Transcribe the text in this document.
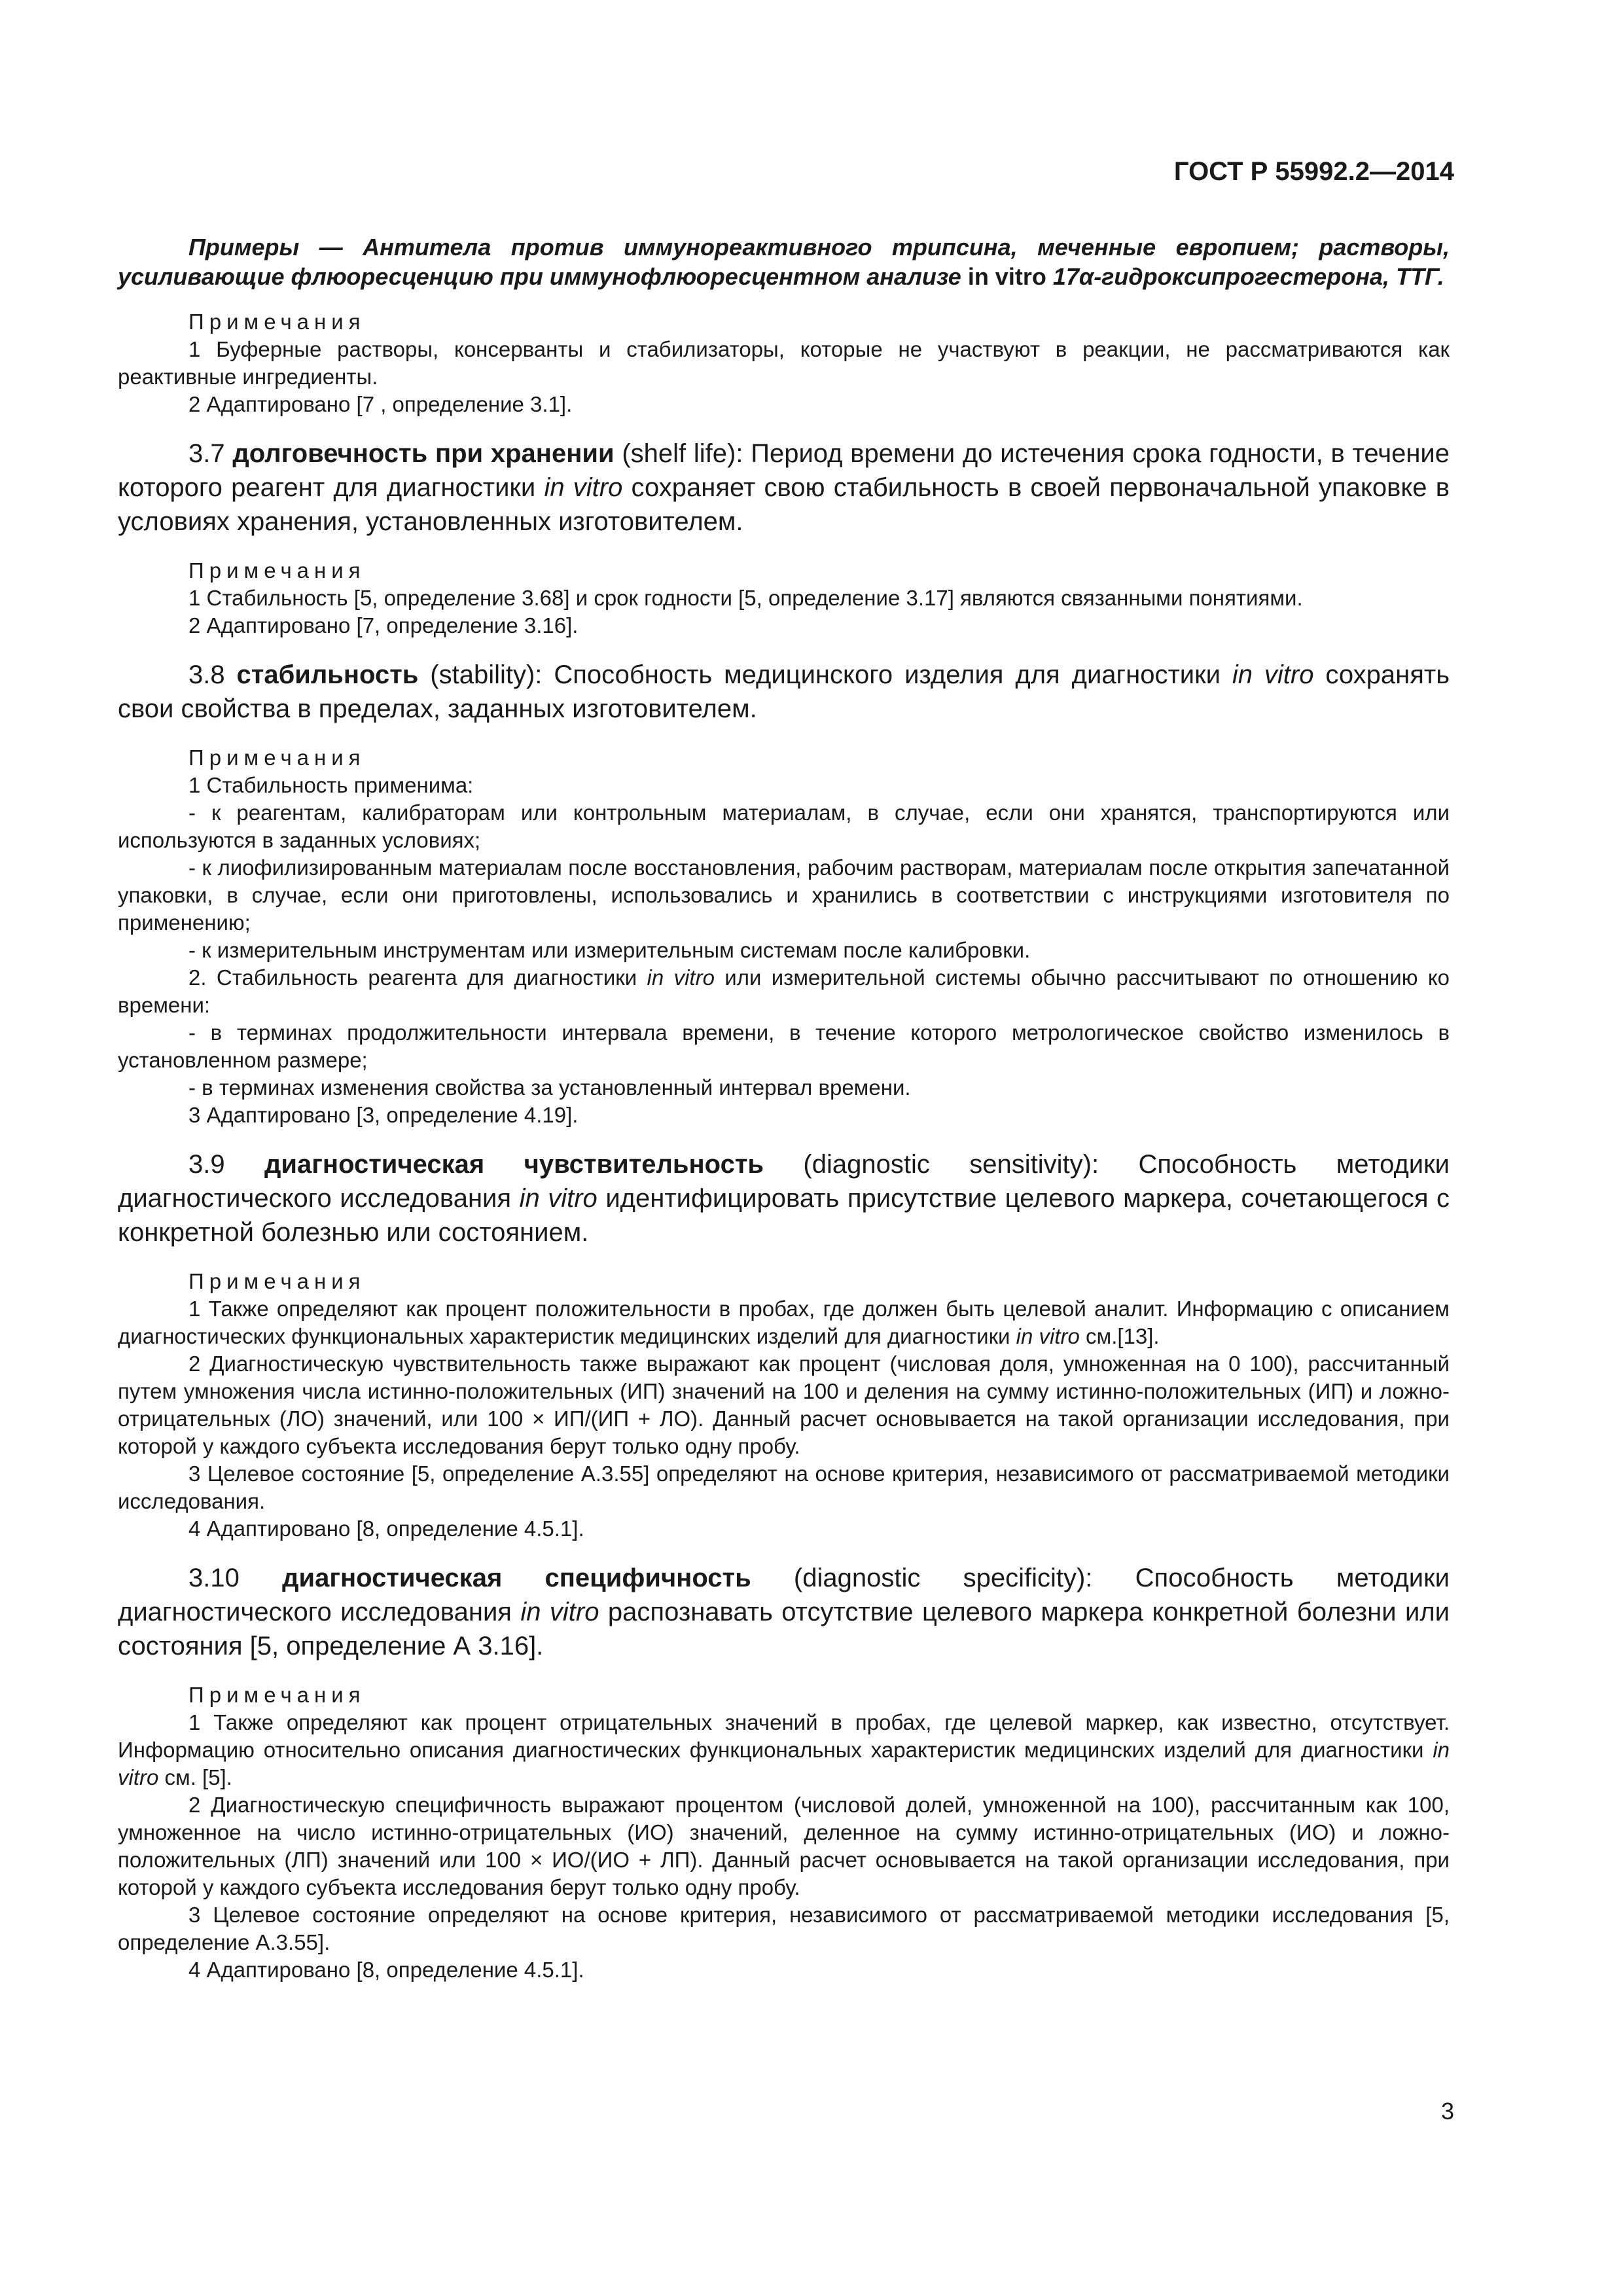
ГОСТ Р 55992.2—2014

Примеры — Антитела против иммунореактивного трипсина, меченные европием; растворы, усиливающие флюоресценцию при иммунофлюоресцентном анализе in vitro 17α-гидроксипрогестерона, ТТГ.

Примечания

1 Буферные растворы, консерванты и стабилизаторы, которые не участвуют в реакции, не рассматриваются как реактивные ингредиенты.

2 Адаптировано [7 , определение 3.1].

3.7 долговечность при хранении (shelf life): Период времени до истечения срока годности, в течение которого реагент для диагностики in vitro сохраняет свою стабильность в своей первоначальной упаковке в условиях хранения, установленных изготовителем.

Примечания

1 Стабильность [5, определение 3.68] и срок годности [5, определение 3.17] являются связанными понятиями.

2 Адаптировано [7, определение 3.16].

3.8 стабильность (stability): Способность медицинского изделия для диагностики in vitro сохранять свои свойства в пределах, заданных изготовителем.

Примечания

1 Стабильность применима:

- к реагентам, калибраторам или контрольным материалам, в случае, если они хранятся, транспортируются или используются в заданных условиях;

- к лиофилизированным материалам после восстановления, рабочим растворам, материалам после открытия запечатанной упаковки, в случае, если они приготовлены, использовались и хранились в соответствии с инструкциями изготовителя по применению;

- к измерительным инструментам или измерительным системам после калибровки.

2. Стабильность реагента для диагностики in vitro или измерительной системы обычно рассчитывают по отношению ко времени:

- в терминах продолжительности интервала времени, в течение которого метрологическое свойство изменилось в установленном размере;

- в терминах изменения свойства за установленный интервал времени.

3 Адаптировано [3, определение 4.19].

3.9 диагностическая чувствительность (diagnostic sensitivity): Способность методики диагностического исследования in vitro идентифицировать присутствие целевого маркера, сочетающегося с конкретной болезнью или состоянием.

Примечания

1 Также определяют как процент положительности в пробах, где должен быть целевой аналит. Информацию с описанием диагностических функциональных характеристик медицинских изделий для диагностики in vitro см.[13].

2 Диагностическую чувствительность также выражают как процент (числовая доля, умноженная на 0 100), рассчитанный путем умножения числа истинно-положительных (ИП) значений на 100 и деления на сумму истинно-положительных (ИП) и ложно-отрицательных (ЛО) значений, или 100 × ИП/(ИП + ЛО). Данный расчет основывается на такой организации исследования, при которой у каждого субъекта исследования берут только одну пробу.

3 Целевое состояние [5, определение А.3.55] определяют на основе критерия, независимого от рассматриваемой методики исследования.

4 Адаптировано [8, определение 4.5.1].

3.10 диагностическая специфичность (diagnostic specificity): Способность методики диагностического исследования in vitro распознавать отсутствие целевого маркера конкретной болезни или состояния [5, определение А 3.16].

Примечания

1 Также определяют как процент отрицательных значений в пробах, где целевой маркер, как известно, отсутствует. Информацию относительно описания диагностических функциональных характеристик медицинских изделий для диагностики in vitro см. [5].

2 Диагностическую специфичность выражают процентом (числовой долей, умноженной на 100), рассчитанным как 100, умноженное на число истинно-отрицательных (ИО) значений, деленное на сумму истинно-отрицательных (ИО) и ложно-положительных (ЛП) значений или 100 × ИО/(ИО + ЛП). Данный расчет основывается на такой организации исследования, при которой у каждого субъекта исследования берут только одну пробу.

3 Целевое состояние определяют на основе критерия, независимого от рассматриваемой методики исследования [5, определение А.3.55].

4 Адаптировано [8, определение 4.5.1].

3
